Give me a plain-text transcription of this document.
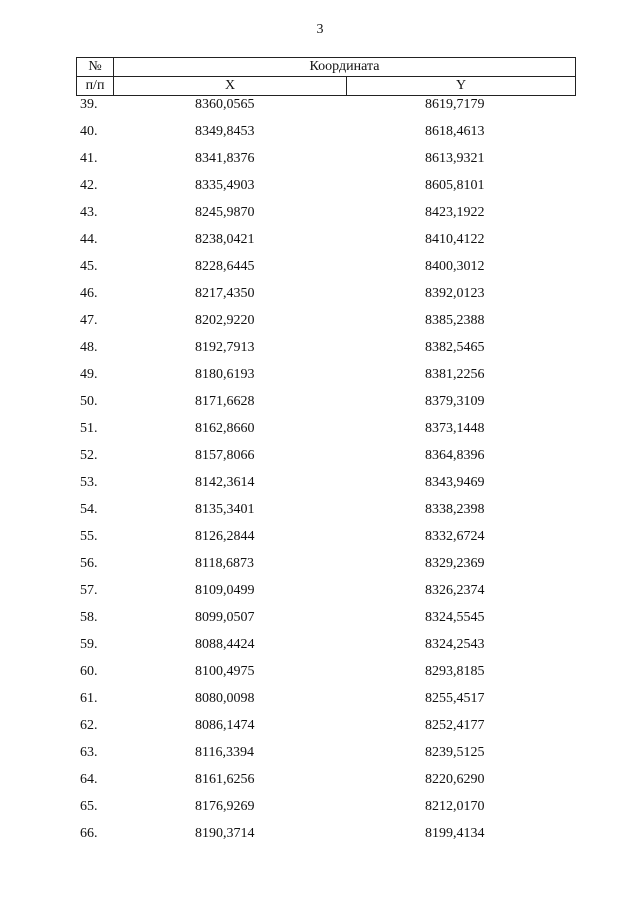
3
№	Координата	
п/п	X	Y
39.	8360,0565	8619,7179
40.	8349,8453	8618,4613
41.	8341,8376	8613,9321
42.	8335,4903	8605,8101
43.	8245,9870	8423,1922
44.	8238,0421	8410,4122
45.	8228,6445	8400,3012
46.	8217,4350	8392,0123
47.	8202,9220	8385,2388
48.	8192,7913	8382,5465
49.	8180,6193	8381,2256
50.	8171,6628	8379,3109
51.	8162,8660	8373,1448
52.	8157,8066	8364,8396
53.	8142,3614	8343,9469
54.	8135,3401	8338,2398
55.	8126,2844	8332,6724
56.	8118,6873	8329,2369
57.	8109,0499	8326,2374
58.	8099,0507	8324,5545
59.	8088,4424	8324,2543
60.	8100,4975	8293,8185
61.	8080,0098	8255,4517
62.	8086,1474	8252,4177
63.	8116,3394	8239,5125
64.	8161,6256	8220,6290
65.	8176,9269	8212,0170
66.	8190,3714	8199,4134
